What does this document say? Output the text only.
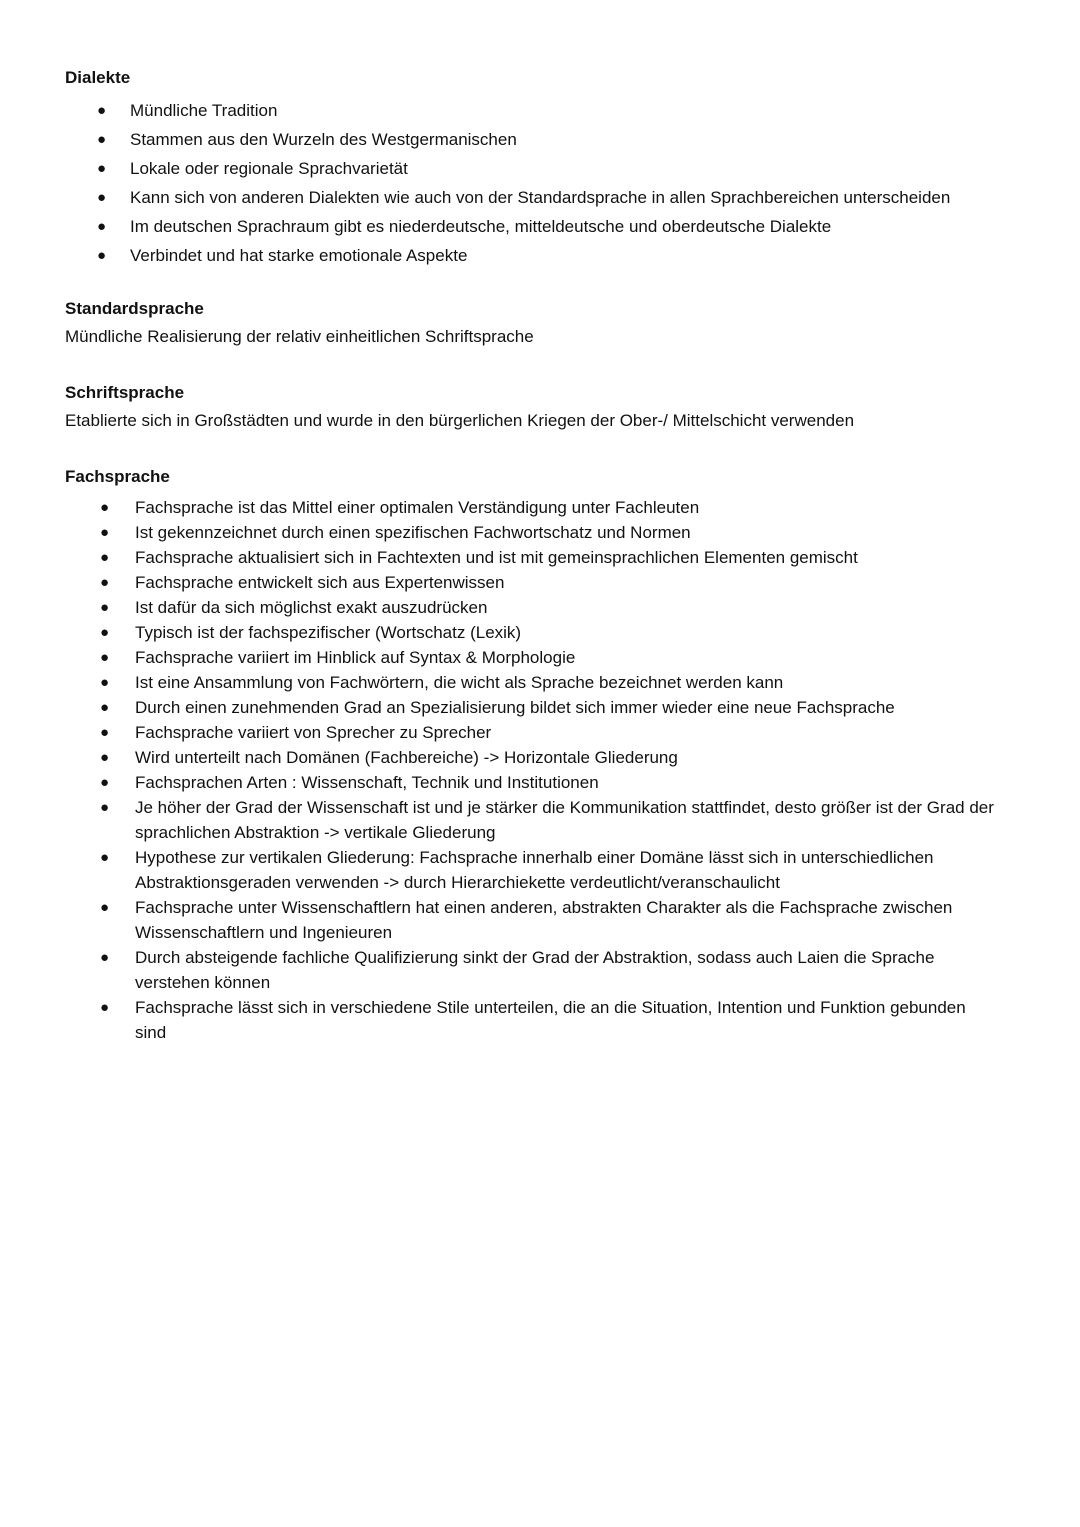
Dialekte
● Mündliche Tradition
● Stammen aus den Wurzeln des Westgermanischen
● Lokale oder regionale Sprachvarietät
● Kann sich von anderen Dialekten wie auch von der Standardsprache in allen Sprachbereichen unterscheiden
● Im deutschen Sprachraum gibt es niederdeutsche, mitteldeutsche und oberdeutsche Dialekte
● Verbindet und hat starke emotionale Aspekte
Standardsprache
Mündliche Realisierung der relativ einheitlichen Schriftsprache
Schriftsprache
Etablierte sich in Großstädten und wurde in den bürgerlichen Kriegen der Ober-/ Mittelschicht verwenden
Fachsprache
● Fachsprache ist das Mittel einer optimalen Verständigung unter Fachleuten
● Ist gekennzeichnet durch einen spezifischen Fachwortschatz und Normen
● Fachsprache aktualisiert sich in Fachtexten und ist mit gemeinsprachlichen Elementen gemischt
● Fachsprache entwickelt sich aus Expertenwissen
● Ist dafür da sich möglichst exakt auszudrücken
● Typisch ist der fachspezifischer (Wortschatz (Lexik)
● Fachsprache variiert im Hinblick auf Syntax & Morphologie
● Ist eine Ansammlung von Fachwörtern, die wicht als Sprache bezeichnet werden kann
● Durch einen zunehmenden Grad an Spezialisierung bildet sich immer wieder eine neue Fachsprache
● Fachsprache variiert von Sprecher zu Sprecher
● Wird unterteilt nach Domänen (Fachbereiche) -> Horizontale Gliederung
● Fachsprachen Arten : Wissenschaft, Technik und Institutionen
● Je höher der Grad der Wissenschaft ist und je stärker die Kommunikation stattfindet, desto größer ist der Grad der sprachlichen Abstraktion -> vertikale Gliederung
● Hypothese zur vertikalen Gliederung: Fachsprache innerhalb einer Domäne lässt sich in unterschiedlichen Abstraktionsgeraden verwenden -> durch Hierarchiekette verdeutlicht/veranschaulicht
● Fachsprache unter Wissenschaftlern hat einen anderen, abstrakten Charakter als die Fachsprache zwischen Wissenschaftlern und Ingenieuren
● Durch absteigende fachliche Qualifizierung sinkt der Grad der Abstraktion, sodass auch Laien die Sprache verstehen können
● Fachsprache lässt sich in verschiedene Stile unterteilen, die an die Situation, Intention und Funktion gebunden sind
